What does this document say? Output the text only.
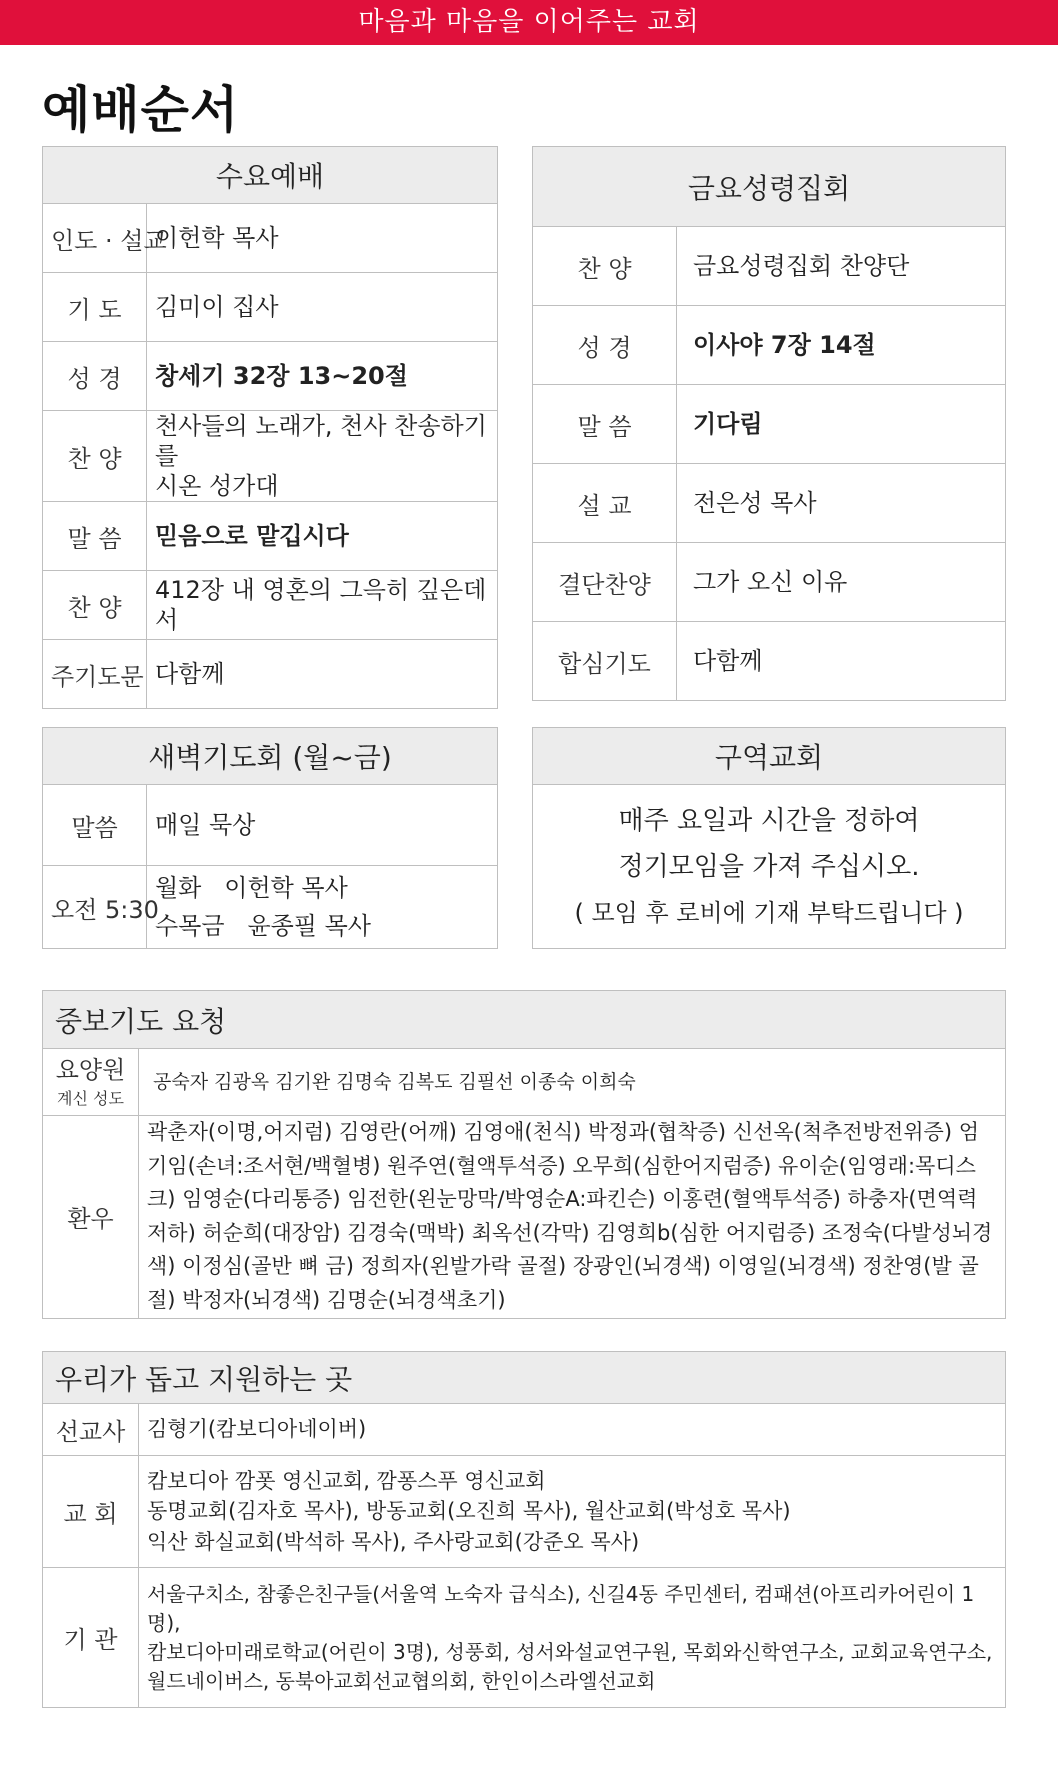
마음과 마음을 이어주는 교회
예배순서
수요예배	
인도 · 설교	이헌학 목사
기 도	김미이 집사
성 경	창세기 32장 13~20절
찬 양	천사들의 노래가, 천사 찬송하기를
시온 성가대

말 씀	믿음으로 맡깁시다
찬 양	412장 내 영혼의 그윽히 깊은데서
주기도문	다함께
금요성령집회	
찬 양	금요성령집회 찬양단
성 경	이사야 7장 14절
말 씀	기다림
설 교	전은성 목사
결단찬양	그가 오신 이유
합심기도	다함께
새벽기도회 (월~금)	
말씀	매일 묵상
오전 5:30	월화   이헌학 목사
수목금   윤종필 목사
구역교회

매주 요일과 시간을 정하여
정기모임을 가져 주십시오.
( 모임 후 로비에 기재 부탁드립니다 )
중보기도 요청	
요양원
계신 성도	공숙자 김광옥 김기완 김명숙 김복도 김필선 이종숙 이희숙
환우	곽춘자(이명,어지럼) 김영란(어깨) 김영애(천식) 박정과(협착증) 신선옥(척추전방전위증) 엄기임(손녀:조서현/백혈병) 원주연(혈액투석증) 오무희(심한어지럼증) 유이순(임영래:목디스크) 임영순(다리통증) 임전한(왼눈망막/박영순A:파킨슨) 이홍련(혈액투석증) 하충자(면역력저하) 허순희(대장암) 김경숙(맥박) 최옥선(각막) 김영희b(심한 어지럼증) 조정숙(다발성뇌경색) 이정심(골반 뼈 금) 정희자(왼발가락 골절) 장광인(뇌경색) 이영일(뇌경색) 정찬영(발 골절) 박정자(뇌경색) 김명순(뇌경색초기)
우리가 돕고 지원하는 곳	
선교사	김형기(캄보디아네이버)

교 회	캄보디아 깜폿 영신교회, 깜퐁스푸 영신교회
동명교회(김자호 목사), 방동교회(오진희 목사), 월산교회(박성호 목사)
익산 화실교회(박석하 목사), 주사랑교회(강준오 목사)

기 관	서울구치소, 참좋은친구들(서울역 노숙자 급식소), 신길4동 주민센터, 컴패션(아프리카어린이 1명),
캄보디아미래로학교(어린이 3명), 성풍회, 성서와설교연구원, 목회와신학연구소, 교회교육연구소,
월드네이버스, 동북아교회선교협의회, 한인이스라엘선교회
